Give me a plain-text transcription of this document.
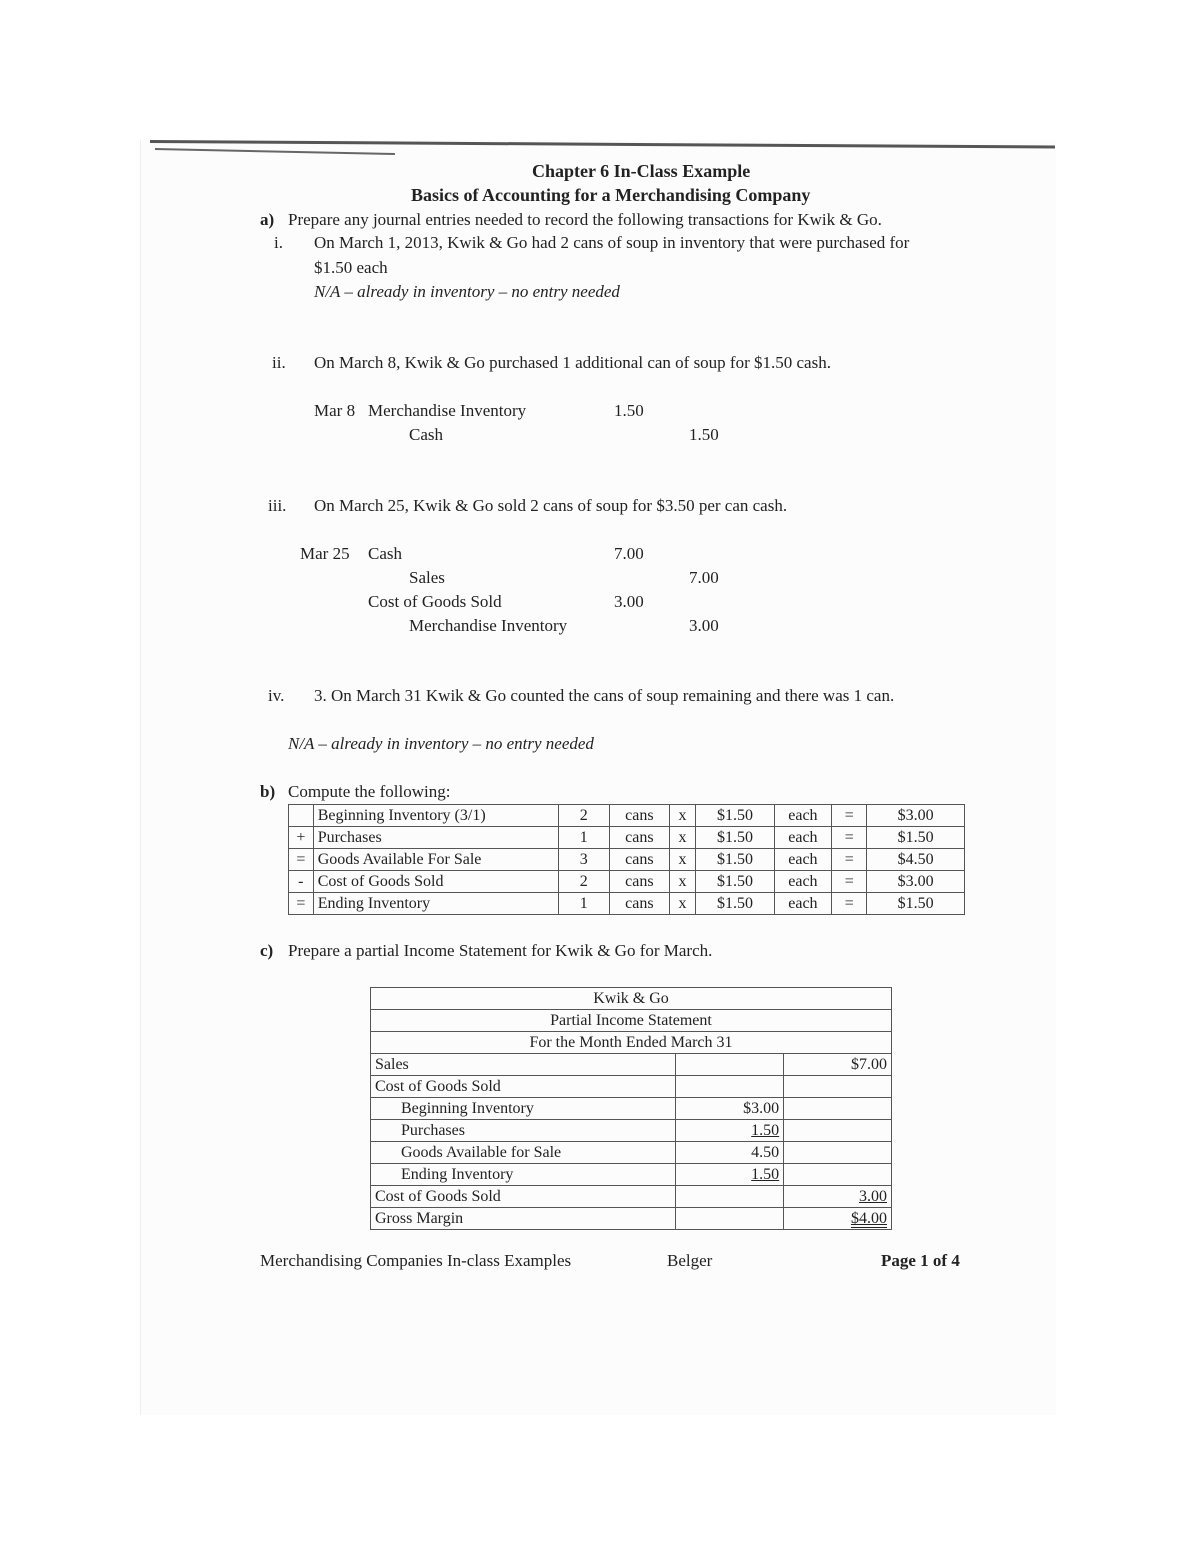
Chapter 6 In-Class Example
Basics of Accounting for a Merchandising Company
a) Prepare any journal entries needed to record the following transactions for Kwik & Go.
i. On March 1, 2013, Kwik & Go had 2 cans of soup in inventory that were purchased for
$1.50 each
N/A – already in inventory – no entry needed
ii. On March 8, Kwik & Go purchased 1 additional can of soup for $1.50 cash.
Mar 8 Merchandise Inventory	1.50
Cash	1.50
iii. On March 25, Kwik & Go sold 2 cans of soup for $3.50 per can cash.
Mar 25 Cash	7.00
Sales	7.00
Cost of Goods Sold	3.00
Merchandise Inventory	3.00
iv. 3. On March 31 Kwik & Go counted the cans of soup remaining and there was 1 can.
N/A – already in inventory – no entry needed
b) Compute the following:
	Beginning Inventory (3/1)	2	cans	x	$1.50	each	=	$3.00
+	Purchases	1	cans	x	$1.50	each	=	$1.50
=	Goods Available For Sale	3	cans	x	$1.50	each	=	$4.50
-	Cost of Goods Sold	2	cans	x	$1.50	each	=	$3.00
=	Ending Inventory	1	cans	x	$1.50	each	=	$1.50
c) Prepare a partial Income Statement for Kwik & Go for March.
Kwik & Go		
Partial Income Statement		
For the Month Ended March 31		
Sales		$7.00
Cost of Goods Sold		
Beginning Inventory	$3.00	
Purchases	1.50	
Goods Available for Sale	4.50	
Ending Inventory	1.50	
Cost of Goods Sold		3.00
Gross Margin		$4.00
Merchandising Companies In-class Examples	Belger	Page 1 of 4
